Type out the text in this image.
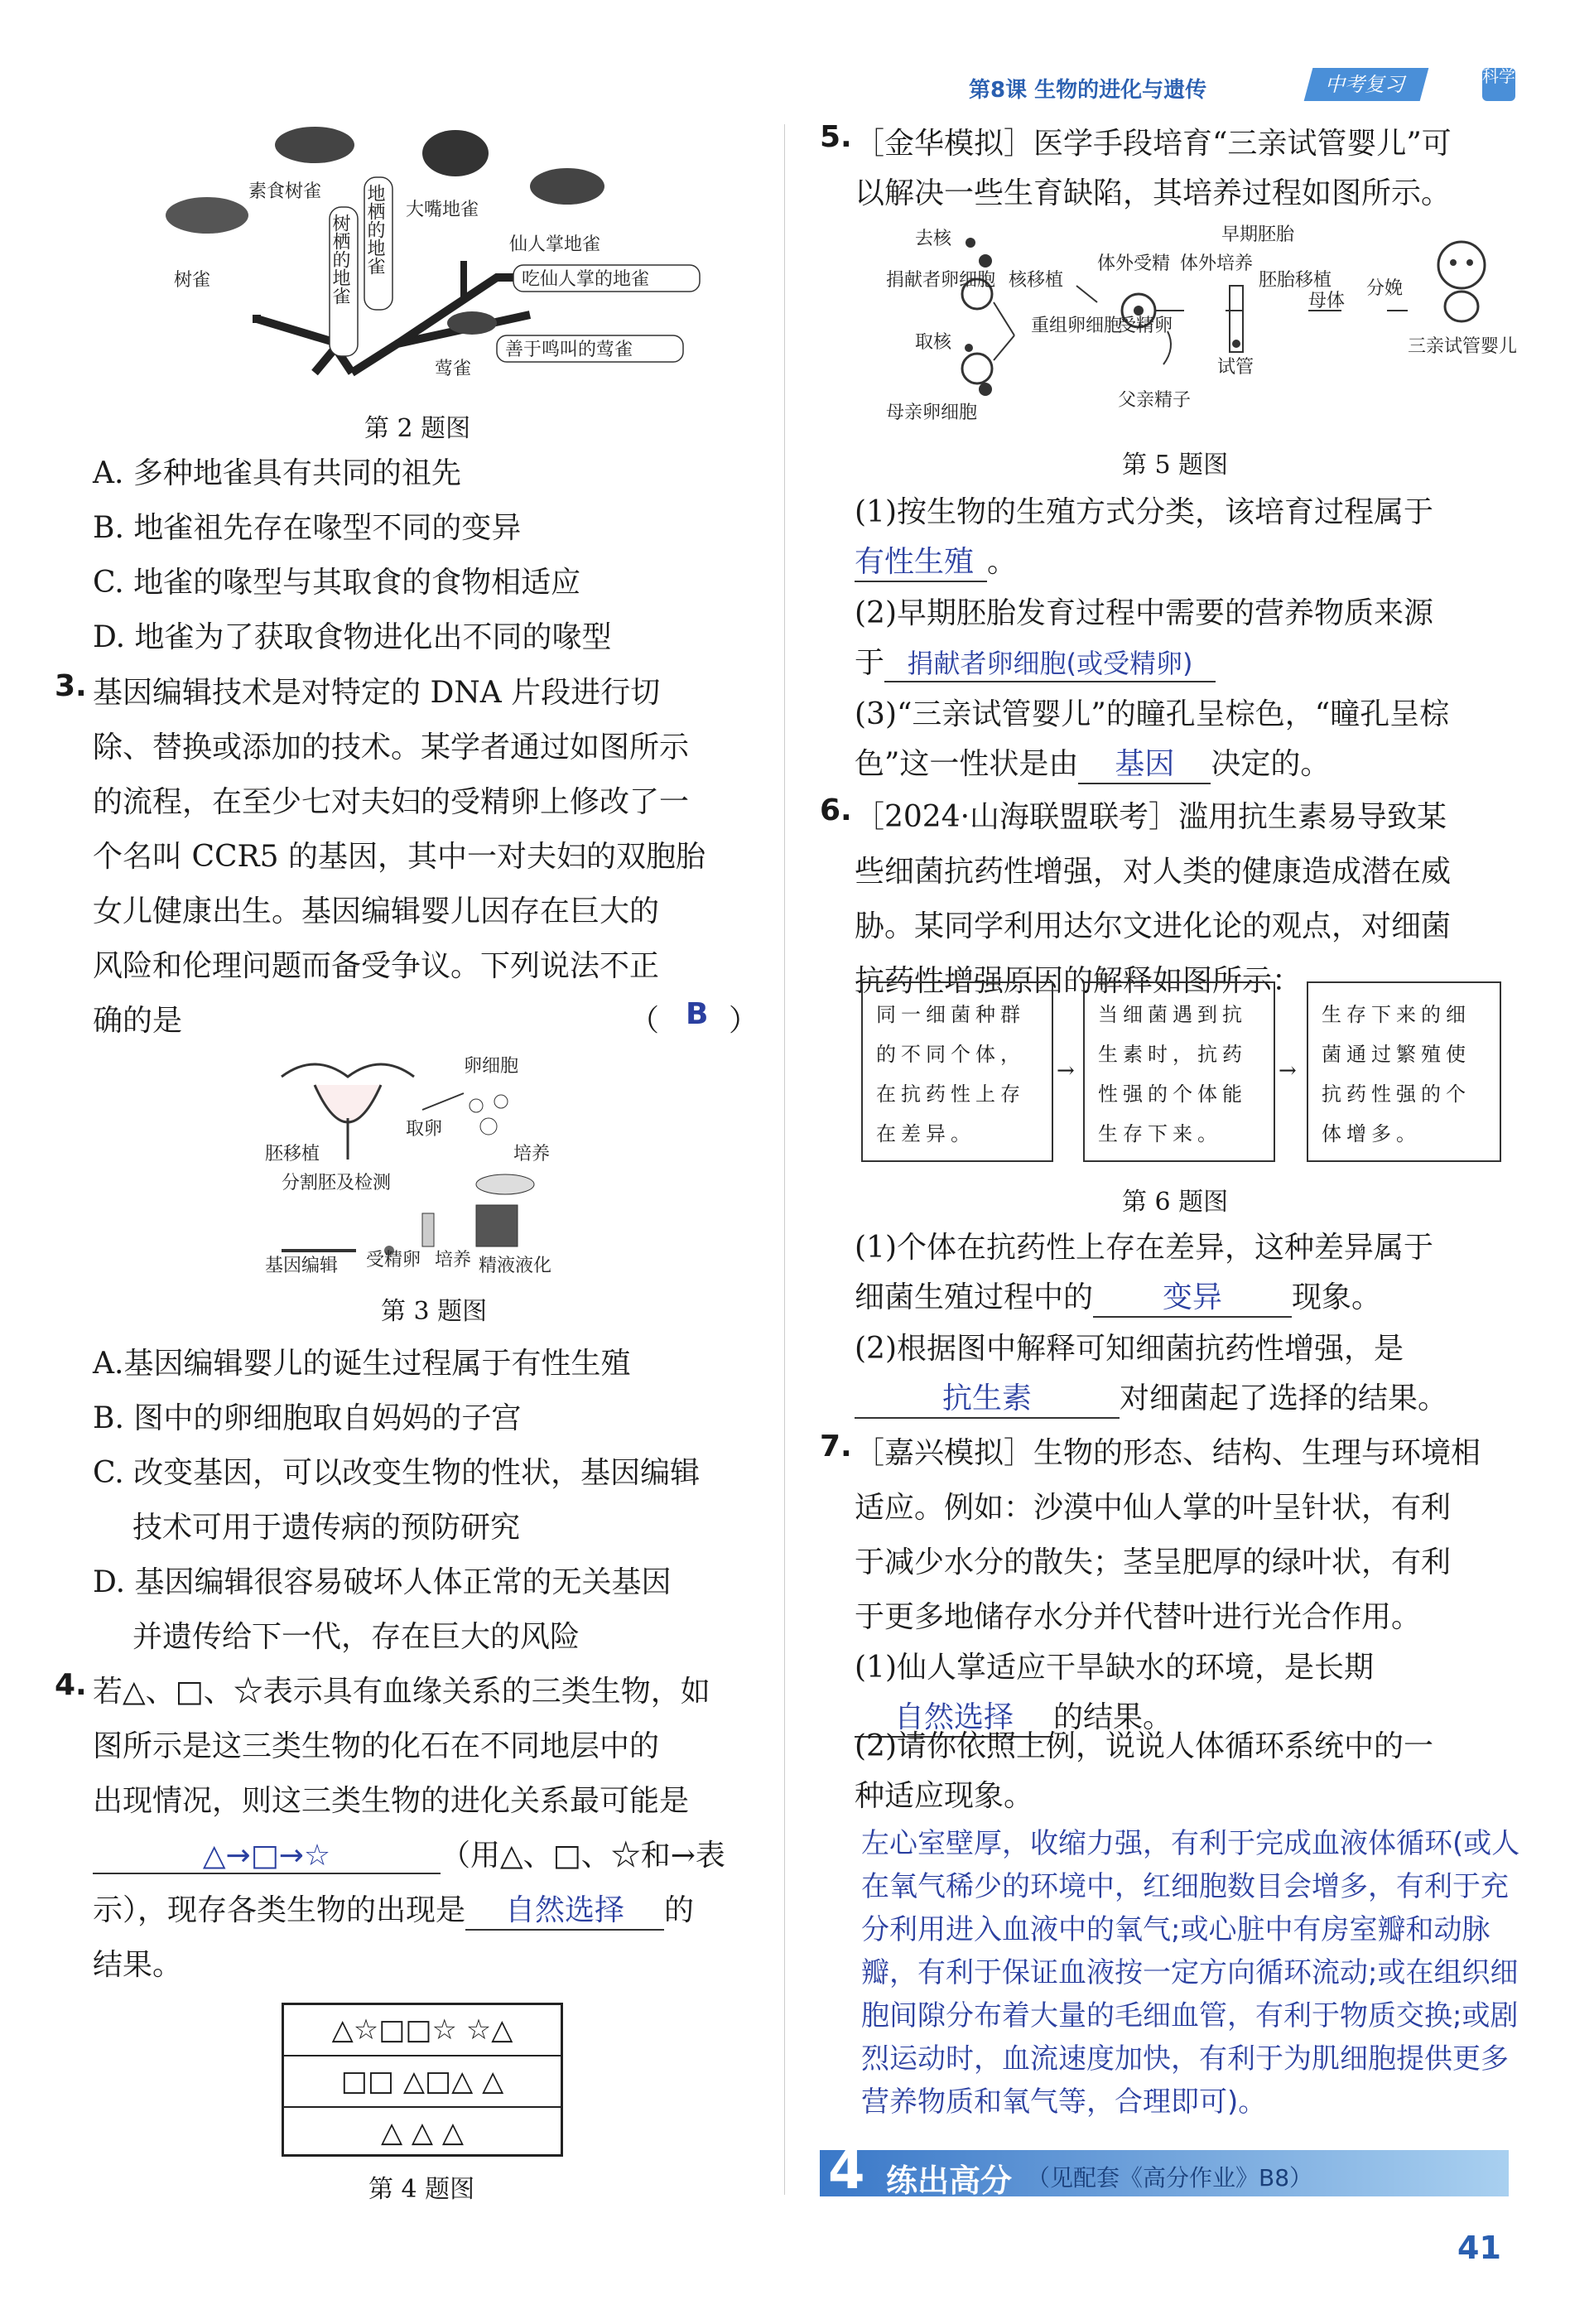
第8课 生物的进化与遗传	中考复习	科学
素食树雀
树雀
大嘴地雀
仙人掌地雀
吃仙人掌的地雀
莺雀
善于鸣叫的莺雀
树栖的地雀 地栖的地雀
第 2 题图
A. 多种地雀具有共同的祖先
B. 地雀祖先存在喙型不同的变异
C. 地雀的喙型与其取食的食物相适应
D. 地雀为了获取食物进化出不同的喙型
3. 基因编辑技术是对特定的 DNA 片段进行切
除、替换或添加的技术。某学者通过如图所示
的流程，在至少七对夫妇的受精卵上修改了一
个名叫 CCR5 的基因，其中一对夫妇的双胞胎
女儿健康出生。基因编辑婴儿因存在巨大的
风险和伦理问题而备受争议。下列说法不正
确的是	（ B ）
卵细胞
取卵
培养
胚移植
分割胚及检测
基因编辑 受精卵 培养 精液液化
第 3 题图
A.基因编辑婴儿的诞生过程属于有性生殖
B. 图中的卵细胞取自妈妈的子宫
C. 改变基因，可以改变生物的性状，基因编辑
技术可用于遗传病的预防研究
D. 基因编辑很容易破坏人体正常的无关基因
并遗传给下一代，存在巨大的风险
4. 若△、□、☆表示具有血缘关系的三类生物，如
图所示是这三类生物的化石在不同地层中的
出现情况，则这三类生物的进化关系最可能是
△→□→☆	（用△、□、☆和→表
示），现存各类生物的出现是 自然选择 的
结果。
△☆□□☆ ☆△
□□ △□△ △
△ △ △
第 4 题图
5. ［金华模拟］医学手段培育“三亲试管婴儿”可
以解决一些生育缺陷，其培养过程如图所示。
去核
捐献者卵细胞 核移植
重组卵细胞
取核
母亲卵细胞
体外受精
受精卵
父亲精子
体外培养
早期胚胎
胚胎移植
试管
母体
分娩
三亲试管婴儿
第 5 题图
(1)按生物的生殖方式分类，该培育过程属于
有性生殖 。
(2)早期胚胎发育过程中需要的营养物质来源
于 捐献者卵细胞(或受精卵)
(3)“三亲试管婴儿”的瞳孔呈棕色，“瞳孔呈棕
色”这一性状是由 基因 决定的。
6. ［2024·山海联盟联考］滥用抗生素易导致某
些细菌抗药性增强，对人类的健康造成潜在威
胁。某同学利用达尔文进化论的观点，对细菌
抗药性增强原因的解释如图所示：
同一细菌种群的不同个体，在抗药性上存在差异。
→
当细菌遇到抗生素时，抗药性强的个体能生存下来。
→
生存下来的细菌通过繁殖使抗药性强的个体增多。
第 6 题图
(1)个体在抗药性上存在差异，这种差异属于
细菌生殖过程中的 变异 现象。
(2)根据图中解释可知细菌抗药性增强，是
抗生素	对细菌起了选择的结果。
7. ［嘉兴模拟］生物的形态、结构、生理与环境相
适应。例如：沙漠中仙人掌的叶呈针状，有利
于减少水分的散失；茎呈肥厚的绿叶状，有利
于更多地储存水分并代替叶进行光合作用。
(1)仙人掌适应干旱缺水的环境，是长期
自然选择 的结果。
(2)请你依照上例，说说人体循环系统中的一
种适应现象。
左心室壁厚，收缩力强，有利于完成血液体循环(或人在氧气稀少的环境中，红细胞数目会增多，有利于充分利用进入血液中的氧气;或心脏中有房室瓣和动脉瓣，有利于保证血液按一定方向循环流动;或在组织细胞间隙分布着大量的毛细血管，有利于物质交换;或剧烈运动时，血流速度加快，有利于为肌细胞提供更多营养物质和氧气等，合理即可)。
4 练出高分 （见配套《高分作业》B8）
41
